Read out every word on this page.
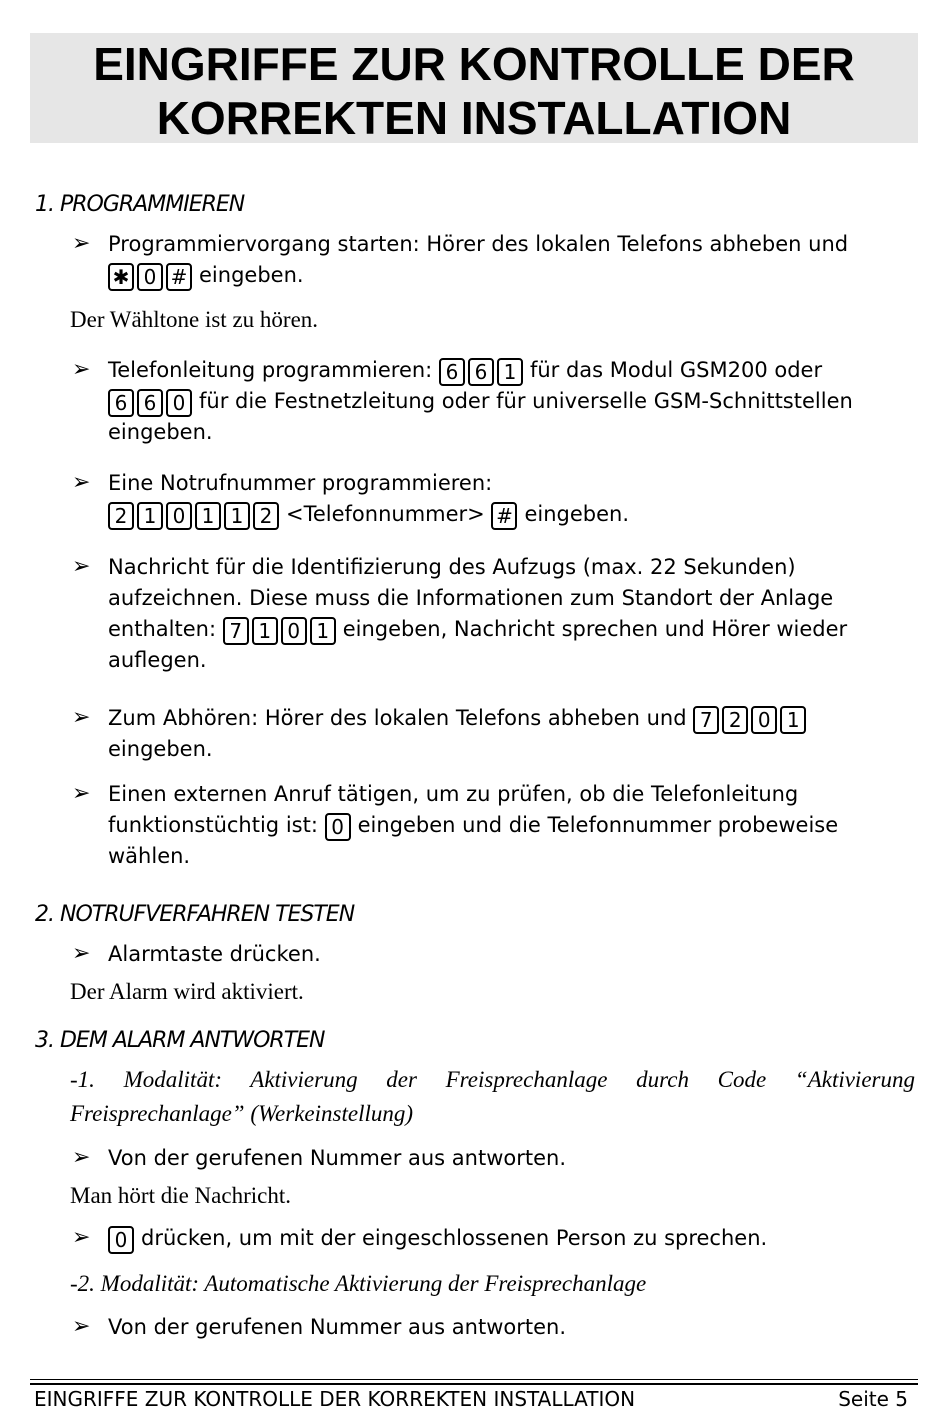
EINGRIFFE ZUR KONTROLLE DER
KORREKTEN INSTALLATION
1. PROGRAMMIEREN
➢ Programmiervorgang starten: Hörer des lokalen Telefons abheben und
✱ 0 # eingeben.
Der Wähltone ist zu hören.
➢ Telefonleitung programmieren: 6 6 1 für das Modul GSM200 oder 6 6 0 für die Festnetzleitung oder für universelle GSM-Schnittstellen eingeben.
➢ Eine Notrufnummer programmieren:
2 1 0 1 1 2 <Telefonnummer> # eingeben.
➢ Nachricht für die Identifizierung des Aufzugs (max. 22 Sekunden) aufzeichnen. Diese muss die Informationen zum Standort der Anlage enthalten: 7 1 0 1 eingeben, Nachricht sprechen und Hörer wieder auflegen.
➢ Zum Abhören: Hörer des lokalen Telefons abheben und 7 2 0 1eingeben.
➢ Einen externen Anruf tätigen, um zu prüfen, ob die Telefonleitung funktionstüchtig ist: 0 eingeben und die Telefonnummer probeweise wählen.
2. NOTRUFVERFAHREN TESTEN
➢ Alarmtaste drücken.
Der Alarm wird aktiviert.
3. DEM ALARM ANTWORTEN
-1. Modalität: Aktivierung der Freisprechanlage durch Code “Aktivierung Freisprechanlage” (Werkeinstellung)
➢ Von der gerufenen Nummer aus antworten.
Man hört die Nachricht.
➢	0 drücken, um mit der eingeschlossenen Person zu sprechen.
-2. Modalität: Automatische Aktivierung der Freisprechanlage
➢ Von der gerufenen Nummer aus antworten.
EINGRIFFE ZUR KONTROLLE DER KORREKTEN INSTALLATION	Seite 5
